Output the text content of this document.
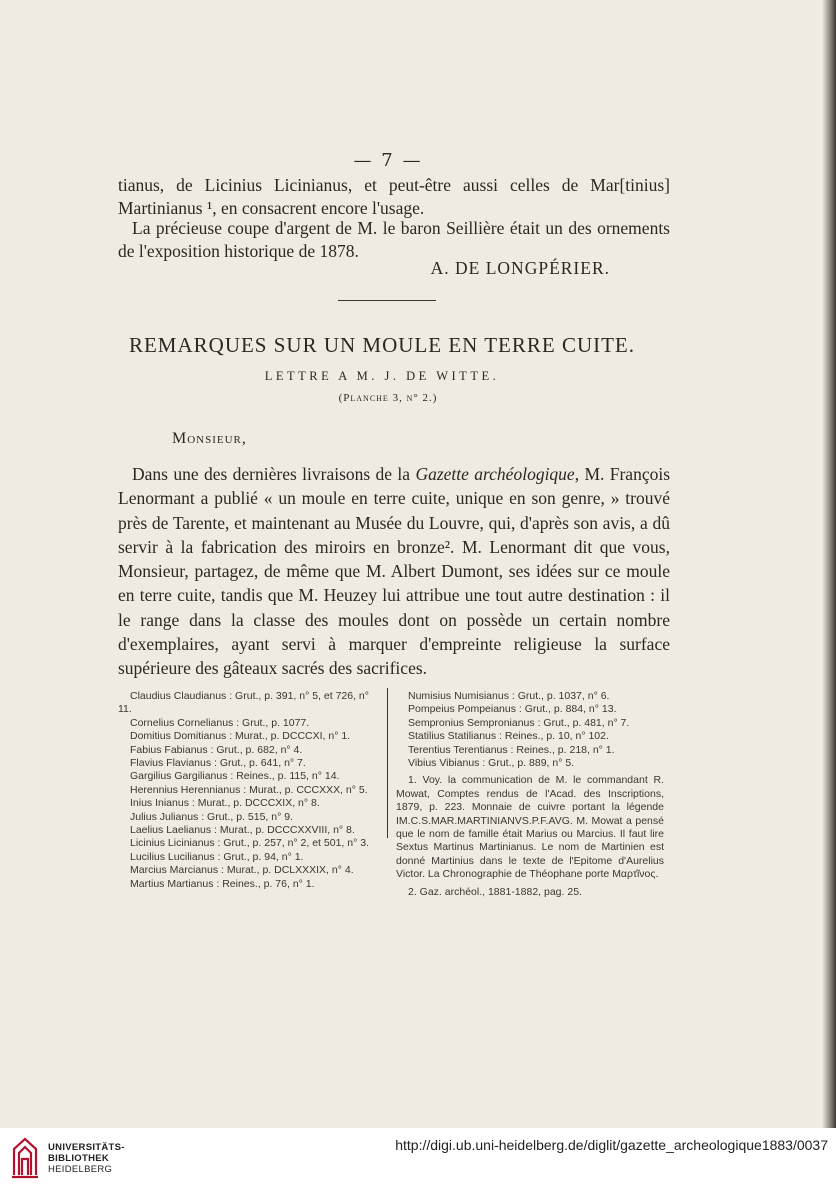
— 7 —

tianus, de Licinius Licinianus, et peut-être aussi celles de Mar[tinius] Martinianus ¹, en consacrent encore l'usage.

La précieuse coupe d'argent de M. le baron Seillière était un des ornements de l'exposition historique de 1878.

A. DE LONGPÉRIER.
REMARQUES SUR UN MOULE EN TERRE CUITE.
LETTRE A M. J. DE WITTE.
(Planche 3, n° 2.)
Monsieur,

Dans une des dernières livraisons de la Gazette archéologique, M. François Lenormant a publié « un moule en terre cuite, unique en son genre, » trouvé près de Tarente, et maintenant au Musée du Louvre, qui, d'après son avis, a dû servir à la fabrication des miroirs en bronze². M. Lenormant dit que vous, Monsieur, partagez, de même que M. Albert Dumont, ses idées sur ce moule en terre cuite, tandis que M. Heuzey lui attribue une tout autre destination : il le range dans la classe des moules dont on possède un certain nombre d'exemplaires, ayant servi à marquer d'empreinte religieuse la surface supérieure des gâteaux sacrés des sacrifices.

Claudius Claudianus : Grut., p. 391, n° 5, et 726, n° 11.
Cornelius Cornelianus : Grut., p. 1077.
Domitius Domitianus : Murat., p. DCCCXI, n° 1.
Fabius Fabianus : Grut., p. 682, n° 4.
Flavius Flavianus : Grut., p. 641, n° 7.
Gargilius Gargilianus : Reines., p. 115, n° 14.
Herennius Herennianus : Murat., p. CCCXXX, n° 5.
Inius Inianus : Murat., p. DCCCXIX, n° 8.
Julius Julianus : Grut., p. 515, n° 9.
Laelius Laelianus : Murat., p. DCCCXXVIII, n° 8.
Licinius Licinianus : Grut., p. 257, n° 2, et 501, n° 3.
Lucilius Lucilianus : Grut., p. 94, n° 1.
Marcius Marcianus : Murat., p. DCLXXXIX, n° 4.
Martius Martianus : Reines., p. 76, n° 1.
Numisius Numisianus : Grut., p. 1037, n° 6.
Pompeius Pompeianus : Grut., p. 884, n° 13.
Sempronius Sempronianus : Grut., p. 481, n° 7.
Statilius Statilianus : Reines., p. 10, n° 102.
Terentius Terentianus : Reines., p. 218, n° 1.
Vibius Vibianus : Grut., p. 889, n° 5.
1. Voy. la communication de M. le commandant R. Mowat, Comptes rendus de l'Acad. des Inscriptions, 1879, p. 223. Monnaie de cuivre portant la légende IM.C.S.MAR.MARTINIANVS.P.F.AVG. M. Mowat a pensé que le nom de famille était Marius ou Marcius. Il faut lire Sextus Martinus Martinianus. Le nom de Martinien est donné Martinius dans le texte de l'Epitome d'Aurelius Victor. La Chronographie de Théophane porte Μαρτῖνος.
2. Gaz. archéol., 1881-1882, pag. 25.
UNIVERSITÄTS-
BIBLIOTHEK
HEIDELBERG
http://digi.ub.uni-heidelberg.de/diglit/gazette_archeologique1883/0037
